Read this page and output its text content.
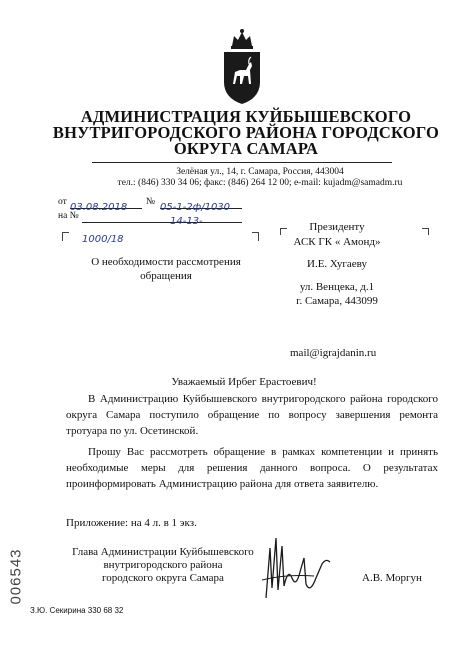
АДМИНИСТРАЦИЯ КУЙБЫШЕВСКОГО
ВНУТРИГОРОДСКОГО РАЙОНА ГОРОДСКОГО
ОКРУГА САМАРА
Зелёная ул., 14, г. Самара, Россия, 443004
тел.: (846) 330 34 06; факс: (846) 264 12 00; e-mail: kujadm@samadm.ru
от 03.08.2018	№ 05-1-2ф/1030
на №	14-13-1000/18
О необходимости рассмотрения
обращения
Президенту
АСК ГК « Амонд»
И.Е. Хугаеву
ул. Венцека, д.1
г. Самара, 443099
mail@igrajdanin.ru
Уважаемый Ирбег Ерастоевич!
В Администрацию Куйбышевского внутригородского района городского округа Самара поступило обращение по вопросу завершения ремонта тротуара по ул. Осетинской.
Прошу Вас рассмотреть обращение в рамках компетенции и принять необходимые меры для решения данного вопроса. О результатах проинформировать Администрацию района для ответа заявителю.
Приложение: на 4 л. в 1 экз.
Глава Администрации Куйбышевского
внутригородского района
городского округа Самара	А.В. Моргун
006543
З.Ю. Секирина 330 68 32
